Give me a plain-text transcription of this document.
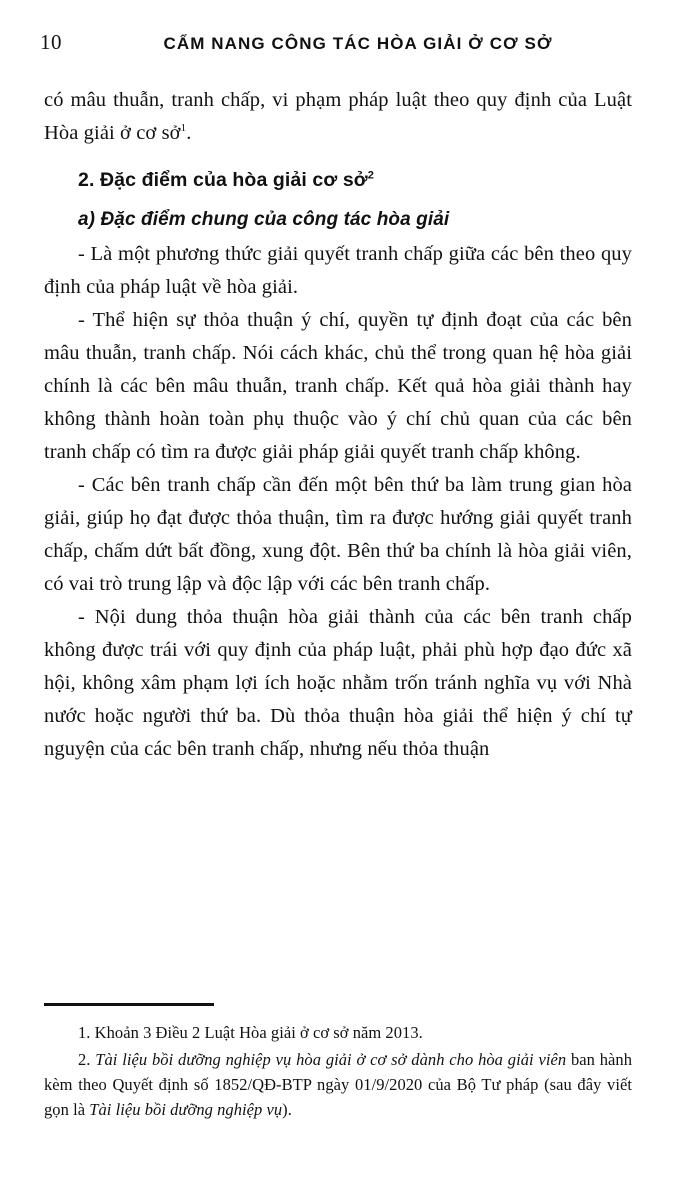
10	CẨM NANG CÔNG TÁC HÒA GIẢI Ở CƠ SỞ

có mâu thuẫn, tranh chấp, vi phạm pháp luật theo quy định của Luật Hòa giải ở cơ sở$^1$.

2. Đặc điểm của hòa giải cơ sở$^2$
a) Đặc điểm chung của công tác hòa giải

- Là một phương thức giải quyết tranh chấp giữa các bên theo quy định của pháp luật về hòa giải.

- Thể hiện sự thỏa thuận ý chí, quyền tự định đoạt của các bên mâu thuẫn, tranh chấp. Nói cách khác, chủ thể trong quan hệ hòa giải chính là các bên mâu thuẫn, tranh chấp. Kết quả hòa giải thành hay không thành hoàn toàn phụ thuộc vào ý chí chủ quan của các bên tranh chấp có tìm ra được giải pháp giải quyết tranh chấp không.

- Các bên tranh chấp cần đến một bên thứ ba làm trung gian hòa giải, giúp họ đạt được thỏa thuận, tìm ra được hướng giải quyết tranh chấp, chấm dứt bất đồng, xung đột. Bên thứ ba chính là hòa giải viên, có vai trò trung lập và độc lập với các bên tranh chấp.

- Nội dung thỏa thuận hòa giải thành của các bên tranh chấp không được trái với quy định của pháp luật, phải phù hợp đạo đức xã hội, không xâm phạm lợi ích hoặc nhằm trốn tránh nghĩa vụ với Nhà nước hoặc người thứ ba. Dù thỏa thuận hòa giải thể hiện ý chí tự nguyện của các bên tranh chấp, nhưng nếu thỏa thuận

1. Khoản 3 Điều 2 Luật Hòa giải ở cơ sở năm 2013.

2. Tài liệu bồi dưỡng nghiệp vụ hòa giải ở cơ sở dành cho hòa giải viên ban hành kèm theo Quyết định số 1852/QĐ-BTP ngày 01/9/2020 của Bộ Tư pháp (sau đây viết gọn là Tài liệu bồi dưỡng nghiệp vụ).
